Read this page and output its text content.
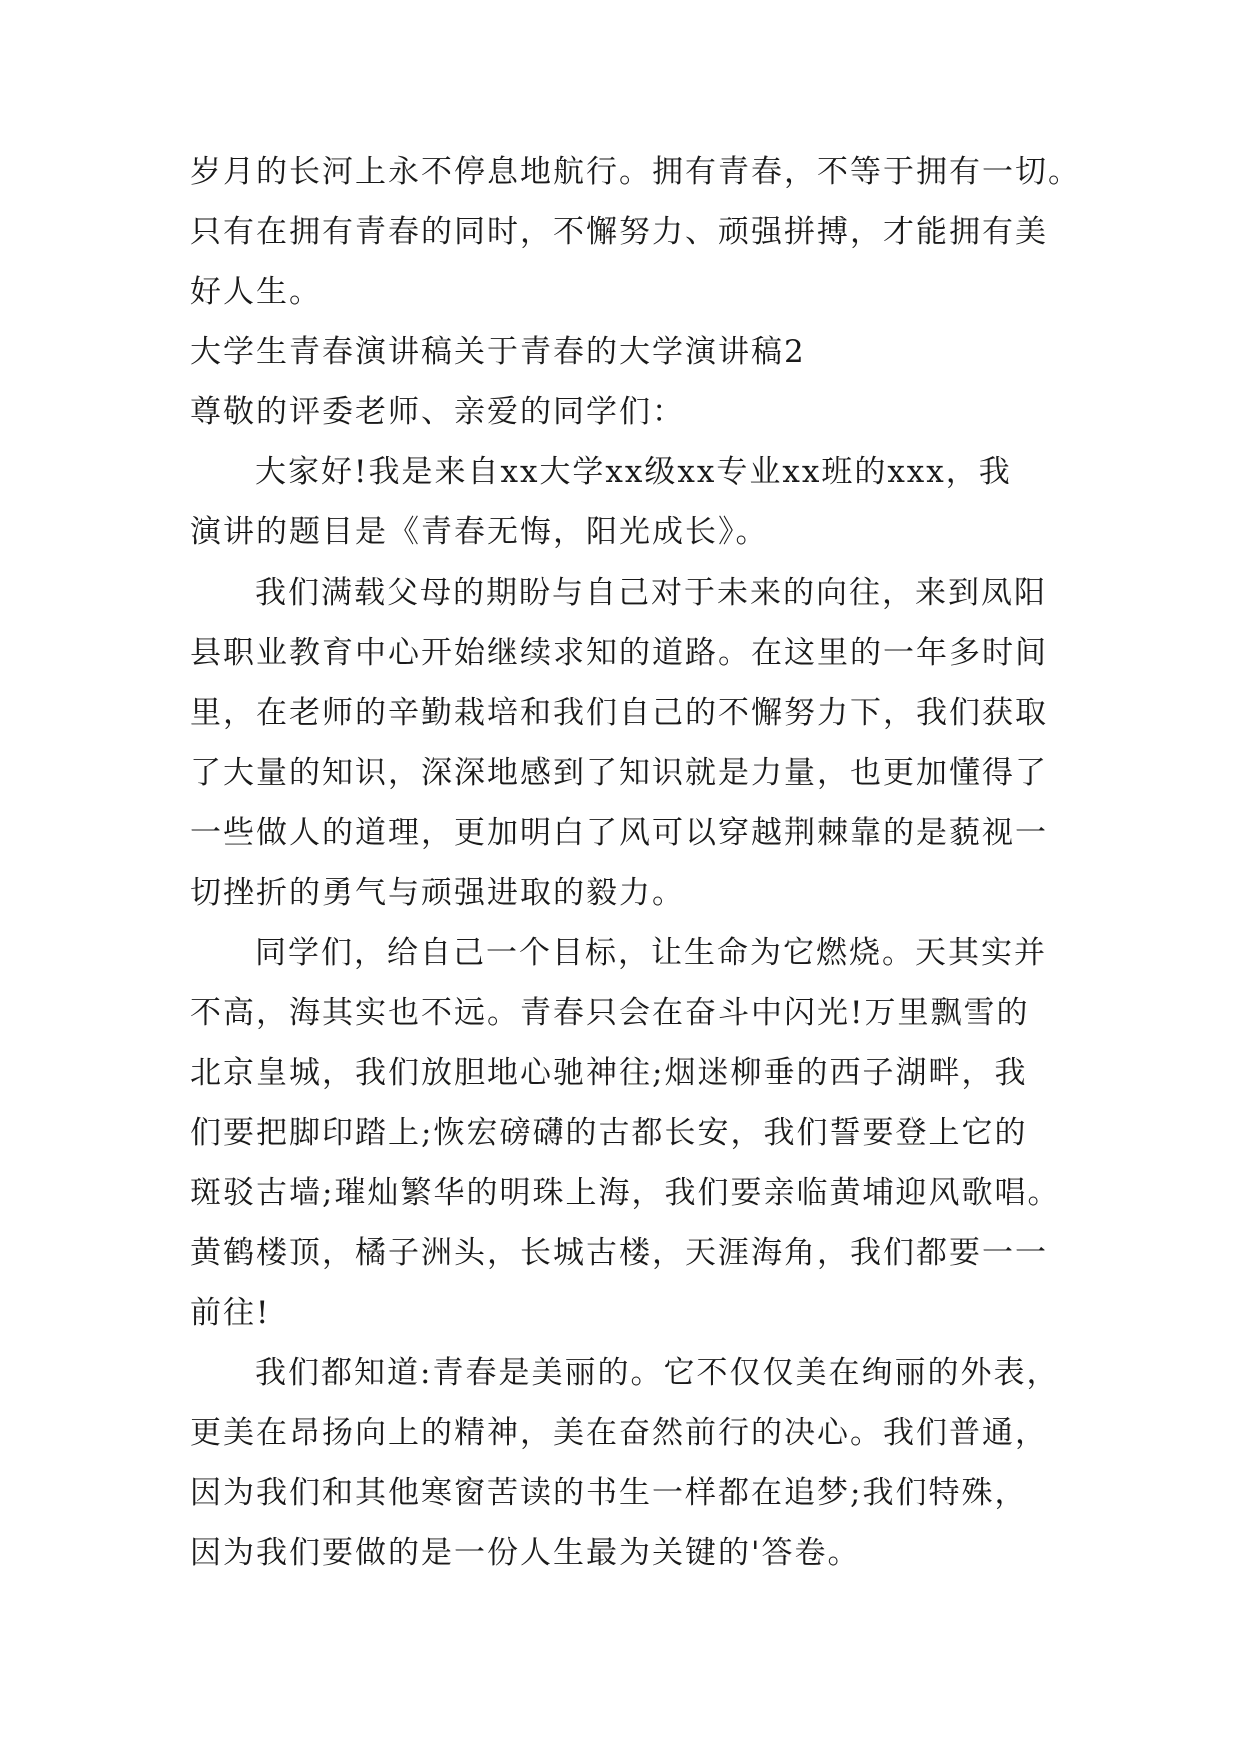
岁月的长河上永不停息地航行。拥有青春，不等于拥有一切。
只有在拥有青春的同时，不懈努力、顽强拼搏，才能拥有美
好人生。
大学生青春演讲稿关于青春的大学演讲稿2
尊敬的评委老师、亲爱的同学们：
大家好!我是来自xx大学xx级xx专业xx班的xxx，我
演讲的题目是《青春无悔，阳光成长》。
我们满载父母的期盼与自己对于未来的向往，来到凤阳
县职业教育中心开始继续求知的道路。在这里的一年多时间
里，在老师的辛勤栽培和我们自己的不懈努力下，我们获取
了大量的知识，深深地感到了知识就是力量，也更加懂得了
一些做人的道理，更加明白了风可以穿越荆棘靠的是藐视一
切挫折的勇气与顽强进取的毅力。
同学们，给自己一个目标，让生命为它燃烧。天其实并
不高，海其实也不远。青春只会在奋斗中闪光!万里飘雪的
北京皇城，我们放胆地心驰神往;烟迷柳垂的西子湖畔，我
们要把脚印踏上;恢宏磅礴的古都长安，我们誓要登上它的
斑驳古墙;璀灿繁华的明珠上海，我们要亲临黄埔迎风歌唱。
黄鹤楼顶，橘子洲头，长城古楼，天涯海角，我们都要一一
前往!
我们都知道:青春是美丽的。它不仅仅美在绚丽的外表，
更美在昂扬向上的精神，美在奋然前行的决心。我们普通，
因为我们和其他寒窗苦读的书生一样都在追梦;我们特殊，
因为我们要做的是一份人生最为关键的'答卷。
